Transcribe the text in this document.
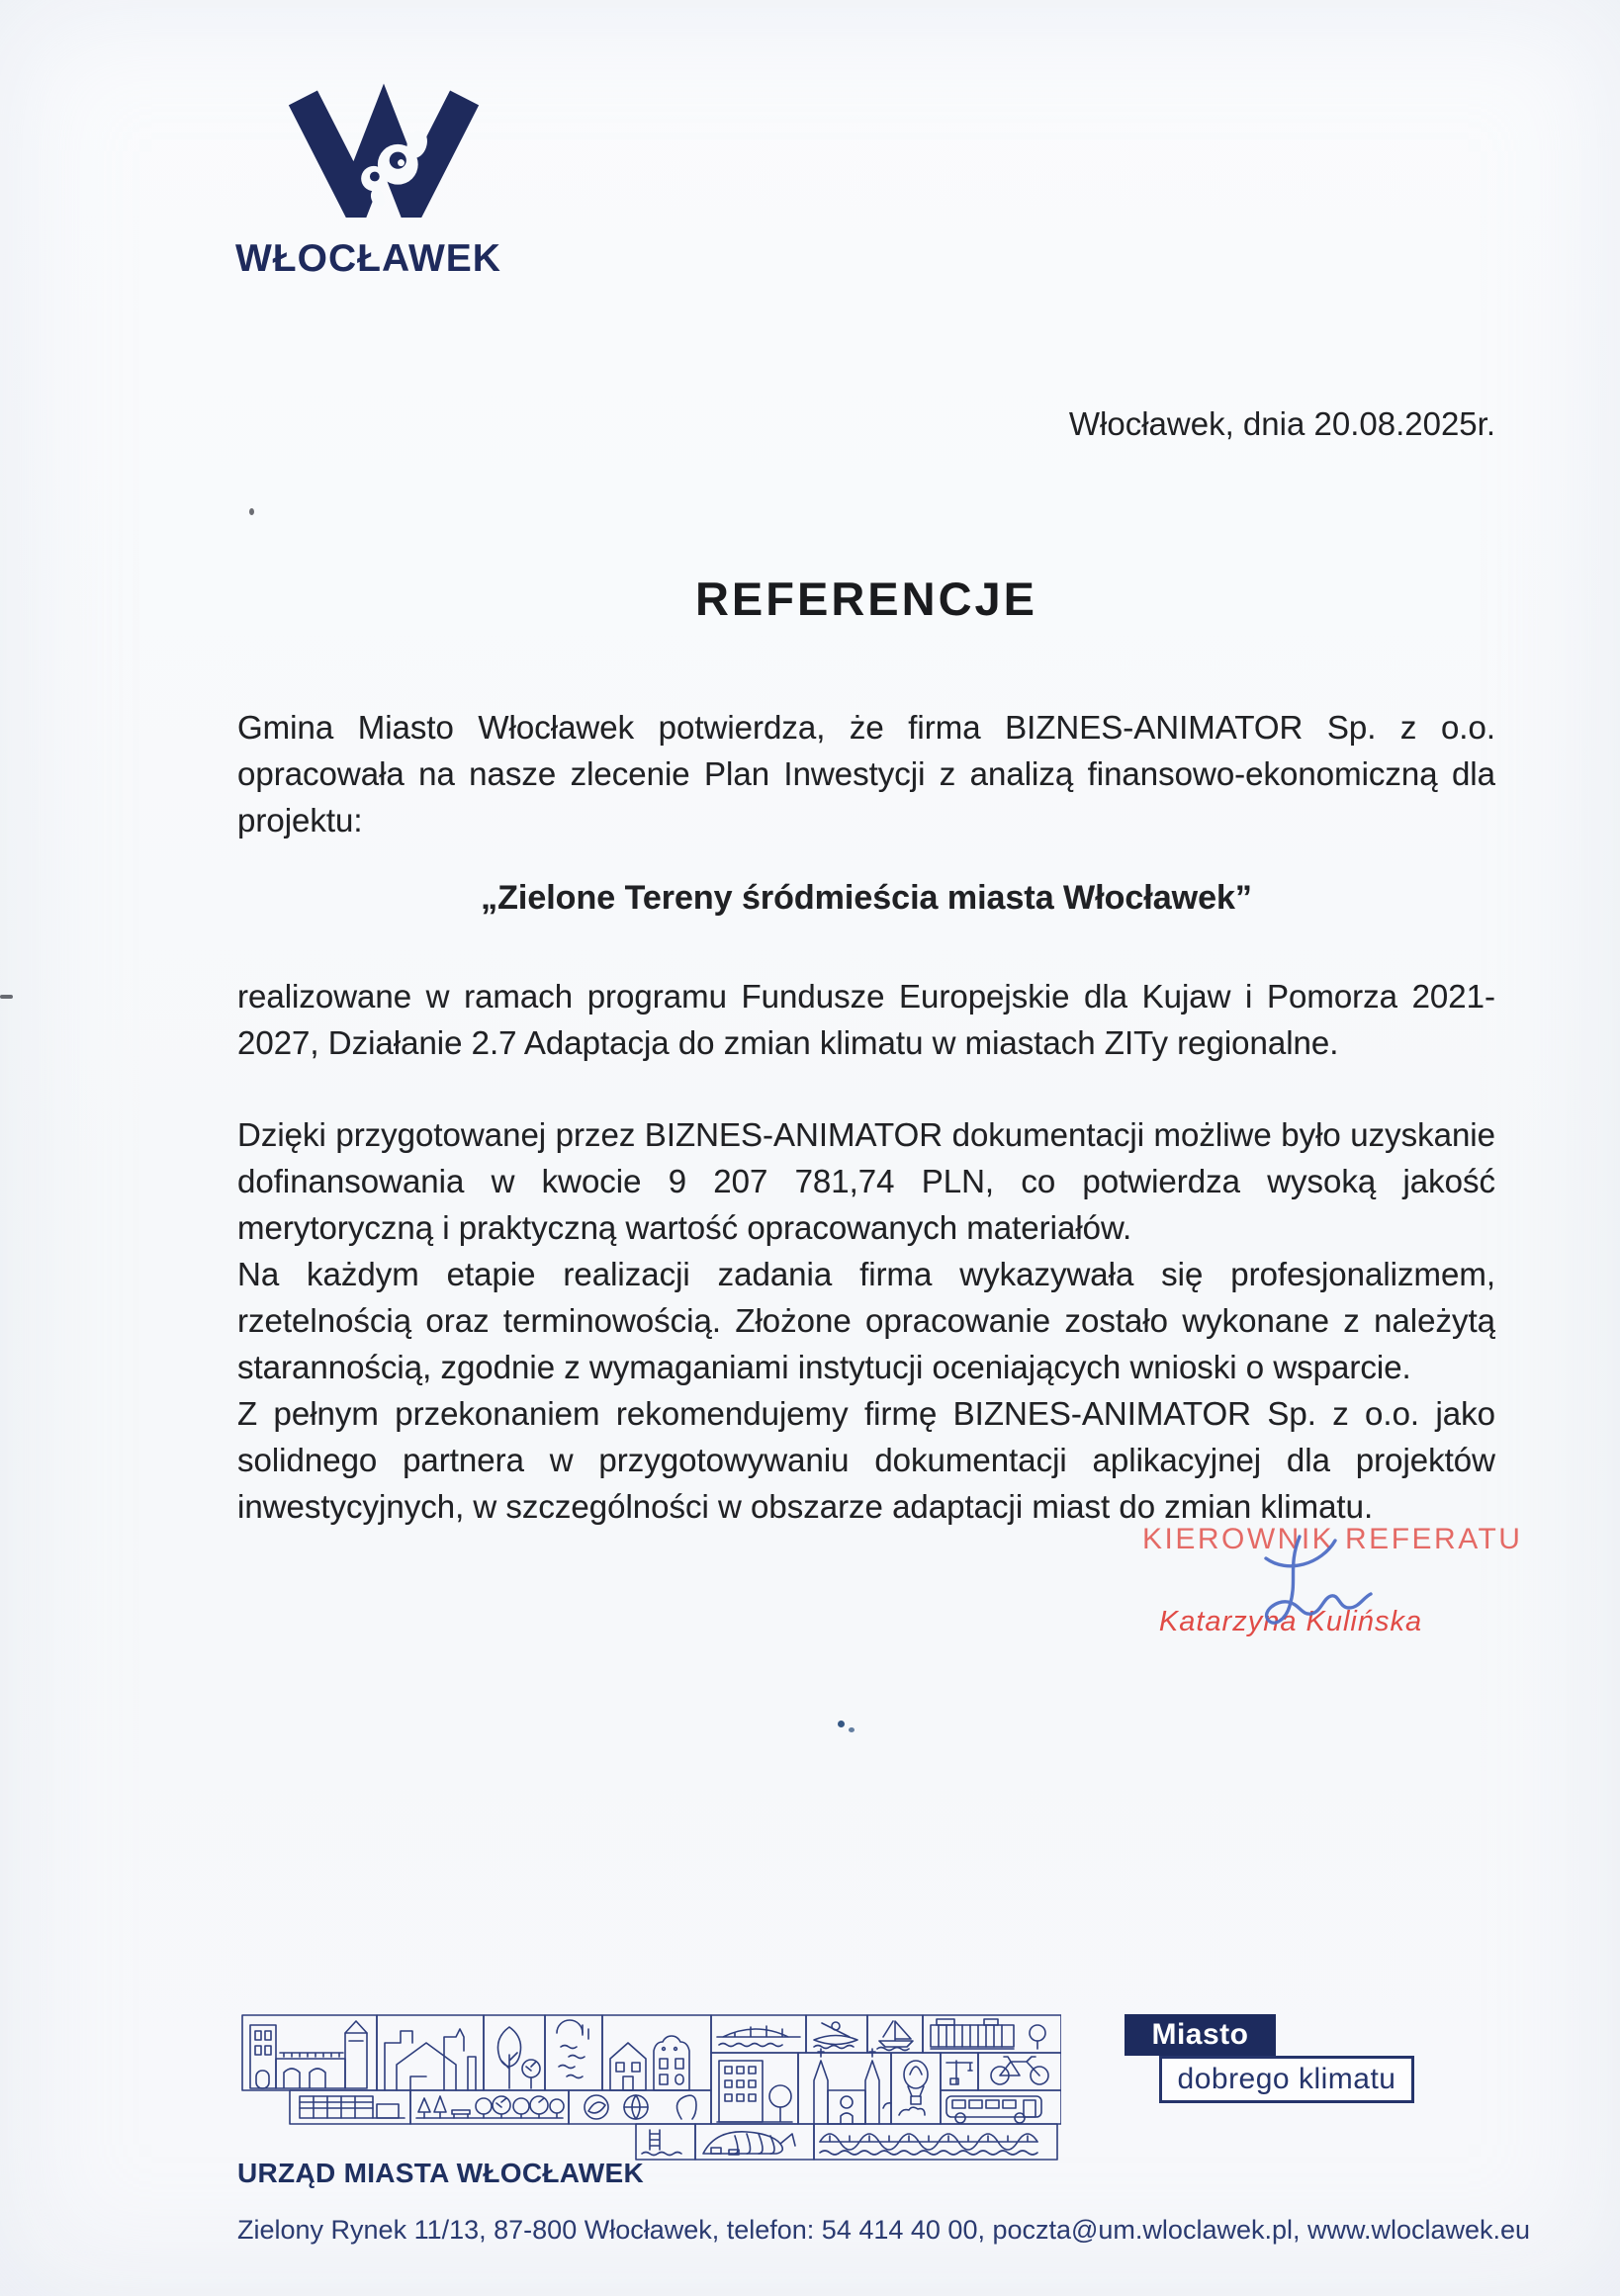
WŁOCŁAWEK
Włocławek, dnia 20.08.2025r.
REFERENCJE

Gmina Miasto Włocławek potwierdza, że firma BIZNES-ANIMATOR Sp. z o.o. opracowała na nasze zlecenie Plan Inwestycji z analizą finansowo-ekonomiczną dla projektu:

„Zielone Tereny śródmieścia miasta Włocławek”

realizowane w ramach programu Fundusze Europejskie dla Kujaw i Pomorza 2021-2027, Działanie 2.7 Adaptacja do zmian klimatu w miastach ZITy regionalne.

Dzięki przygotowanej przez BIZNES-ANIMATOR dokumentacji możliwe było uzyskanie dofinansowania w kwocie 9 207 781,74 PLN, co potwierdza wysoką jakość merytoryczną i praktyczną wartość opracowanych materiałów.

Na każdym etapie realizacji zadania firma wykazywała się profesjonalizmem, rzetelnością oraz terminowością. Złożone opracowanie zostało wykonane z należytą starannością, zgodnie z wymaganiami instytucji oceniających wnioski o wsparcie.

Z pełnym przekonaniem rekomendujemy firmę BIZNES-ANIMATOR Sp. z o.o. jako solidnego partnera w przygotowywaniu dokumentacji aplikacyjnej dla projektów inwestycyjnych, w szczególności w obszarze adaptacji miast do zmian klimatu.

KIEROWNIK REFERATU
Katarzyna Kulińska
Miasto
dobrego klimatu
URZĄD MIASTA WŁOCŁAWEK
Zielony Rynek 11/13, 87-800 Włocławek, telefon: 54 414 40 00, poczta@um.wloclawek.pl, www.wloclawek.eu
